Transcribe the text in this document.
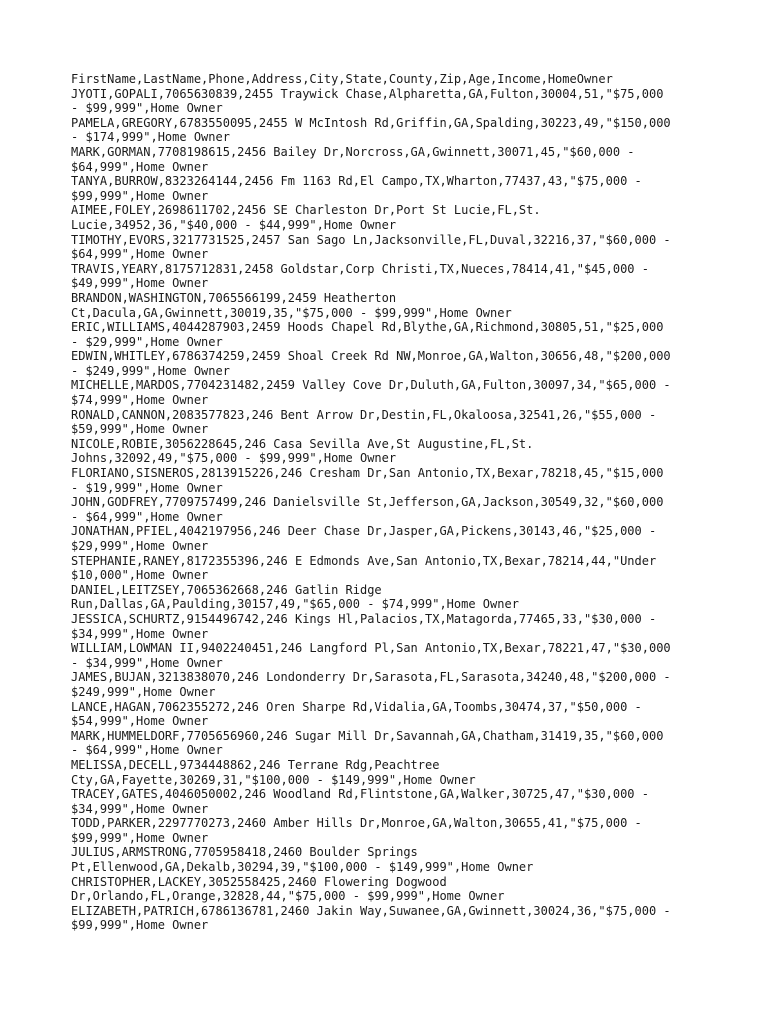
FirstName,LastName,Phone,Address,City,State,County,Zip,Age,Income,HomeOwner
JYOTI,GOPALI,7065630839,2455 Traywick Chase,Alpharetta,GA,Fulton,30004,51,"$75,000
- $99,999",Home Owner
PAMELA,GREGORY,6783550095,2455 W McIntosh Rd,Griffin,GA,Spalding,30223,49,"$150,000
- $174,999",Home Owner
MARK,GORMAN,7708198615,2456 Bailey Dr,Norcross,GA,Gwinnett,30071,45,"$60,000 -
$64,999",Home Owner
TANYA,BURROW,8323264144,2456 Fm 1163 Rd,El Campo,TX,Wharton,77437,43,"$75,000 -
$99,999",Home Owner
AIMEE,FOLEY,2698611702,2456 SE Charleston Dr,Port St Lucie,FL,St.
Lucie,34952,36,"$40,000 - $44,999",Home Owner
TIMOTHY,EVORS,3217731525,2457 San Sago Ln,Jacksonville,FL,Duval,32216,37,"$60,000 -
$64,999",Home Owner
TRAVIS,YEARY,8175712831,2458 Goldstar,Corp Christi,TX,Nueces,78414,41,"$45,000 -
$49,999",Home Owner
BRANDON,WASHINGTON,7065566199,2459 Heatherton
Ct,Dacula,GA,Gwinnett,30019,35,"$75,000 - $99,999",Home Owner
ERIC,WILLIAMS,4044287903,2459 Hoods Chapel Rd,Blythe,GA,Richmond,30805,51,"$25,000
- $29,999",Home Owner
EDWIN,WHITLEY,6786374259,2459 Shoal Creek Rd NW,Monroe,GA,Walton,30656,48,"$200,000
- $249,999",Home Owner
MICHELLE,MARDOS,7704231482,2459 Valley Cove Dr,Duluth,GA,Fulton,30097,34,"$65,000 -
$74,999",Home Owner
RONALD,CANNON,2083577823,246 Bent Arrow Dr,Destin,FL,Okaloosa,32541,26,"$55,000 -
$59,999",Home Owner
NICOLE,ROBIE,3056228645,246 Casa Sevilla Ave,St Augustine,FL,St.
Johns,32092,49,"$75,000 - $99,999",Home Owner
FLORIANO,SISNEROS,2813915226,246 Cresham Dr,San Antonio,TX,Bexar,78218,45,"$15,000
- $19,999",Home Owner
JOHN,GODFREY,7709757499,246 Danielsville St,Jefferson,GA,Jackson,30549,32,"$60,000
- $64,999",Home Owner
JONATHAN,PFIEL,4042197956,246 Deer Chase Dr,Jasper,GA,Pickens,30143,46,"$25,000 -
$29,999",Home Owner
STEPHANIE,RANEY,8172355396,246 E Edmonds Ave,San Antonio,TX,Bexar,78214,44,"Under
$10,000",Home Owner
DANIEL,LEITZSEY,7065362668,246 Gatlin Ridge
Run,Dallas,GA,Paulding,30157,49,"$65,000 - $74,999",Home Owner
JESSICA,SCHURTZ,9154496742,246 Kings Hl,Palacios,TX,Matagorda,77465,33,"$30,000 -
$34,999",Home Owner
WILLIAM,LOWMAN II,9402240451,246 Langford Pl,San Antonio,TX,Bexar,78221,47,"$30,000
- $34,999",Home Owner
JAMES,BUJAN,3213838070,246 Londonderry Dr,Sarasota,FL,Sarasota,34240,48,"$200,000 -
$249,999",Home Owner
LANCE,HAGAN,7062355272,246 Oren Sharpe Rd,Vidalia,GA,Toombs,30474,37,"$50,000 -
$54,999",Home Owner
MARK,HUMMELDORF,7705656960,246 Sugar Mill Dr,Savannah,GA,Chatham,31419,35,"$60,000
- $64,999",Home Owner
MELISSA,DECELL,9734448862,246 Terrane Rdg,Peachtree
Cty,GA,Fayette,30269,31,"$100,000 - $149,999",Home Owner
TRACEY,GATES,4046050002,246 Woodland Rd,Flintstone,GA,Walker,30725,47,"$30,000 -
$34,999",Home Owner
TODD,PARKER,2297770273,2460 Amber Hills Dr,Monroe,GA,Walton,30655,41,"$75,000 -
$99,999",Home Owner
JULIUS,ARMSTRONG,7705958418,2460 Boulder Springs
Pt,Ellenwood,GA,Dekalb,30294,39,"$100,000 - $149,999",Home Owner
CHRISTOPHER,LACKEY,3052558425,2460 Flowering Dogwood
Dr,Orlando,FL,Orange,32828,44,"$75,000 - $99,999",Home Owner
ELIZABETH,PATRICH,6786136781,2460 Jakin Way,Suwanee,GA,Gwinnett,30024,36,"$75,000 -
$99,999",Home Owner
